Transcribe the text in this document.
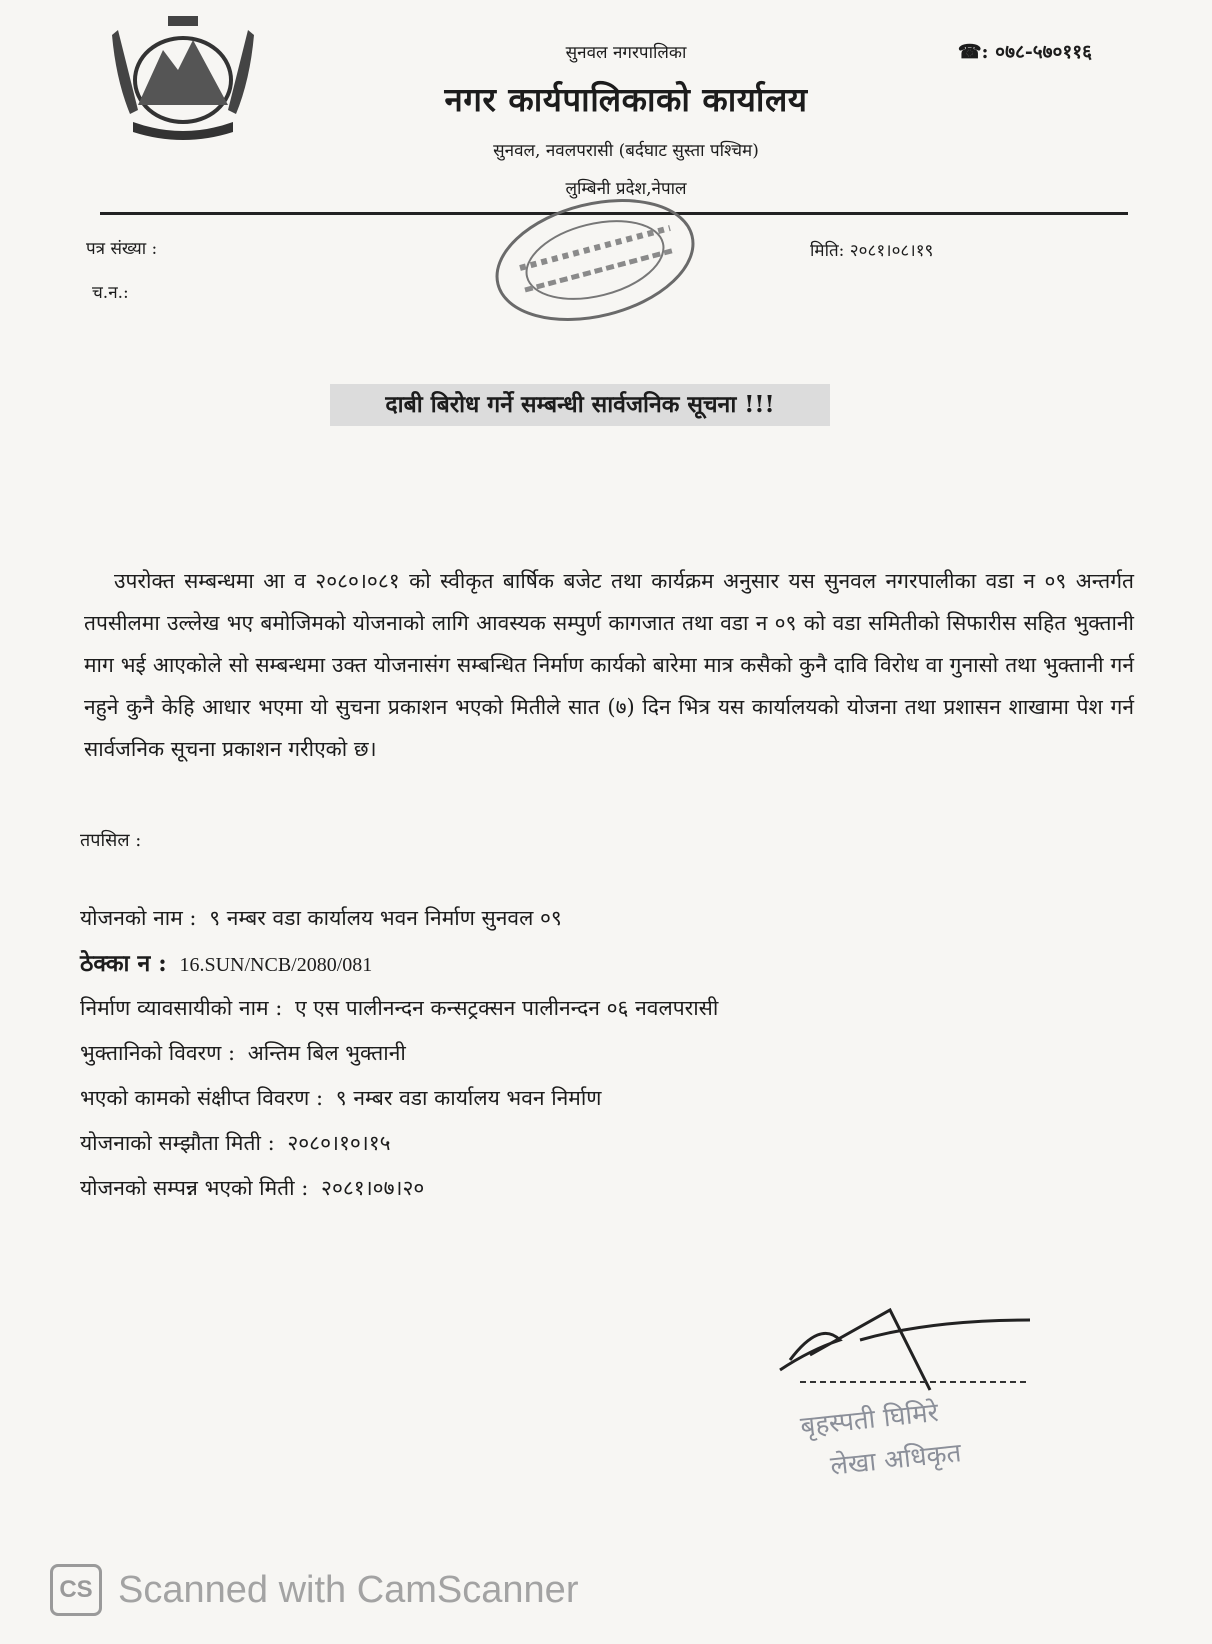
सुनवल नगरपालिका
नगर कार्यपालिकाको कार्यालय
सुनवल, नवलपरासी (बर्दघाट सुस्ता पश्चिम)
लुम्बिनी प्रदेश,नेपाल
☎: ०७८-५७०११६
पत्र संख्या :
च.न.:
मिति: २०८१।०८।१९
दाबी बिरोध गर्ने सम्बन्धी सार्वजनिक सूचना !!!
उपरोक्त सम्बन्धमा आ व २०८०।०८१ को स्वीकृत बार्षिक बजेट तथा कार्यक्रम अनुसार यस सुनवल नगरपालीका वडा न ०९ अन्तर्गत तपसीलमा उल्लेख भए बमोजिमको योजनाको लागि आवस्यक सम्पुर्ण कागजात तथा वडा न ०९ को वडा समितीको सिफारीस सहित भुक्तानी माग भई आएकोले सो सम्बन्धमा उक्त योजनासंग सम्बन्धित निर्माण कार्यको बारेमा मात्र कसैको कुनै दावि विरोध वा गुनासो तथा भुक्तानी गर्न नहुने कुनै केहि आधार भएमा यो सुचना प्रकाशन भएको मितीले सात (७) दिन भित्र यस कार्यालयको योजना तथा प्रशासन शाखामा पेश गर्न सार्वजनिक सूचना प्रकाशन गरीएको छ।
तपसिल :
योजनको नाम : ९ नम्बर वडा कार्यालय भवन निर्माण सुनवल ०९
ठेक्का न : 16.SUN/NCB/2080/081
निर्माण व्यावसायीको नाम : ए एस पालीनन्दन कन्सट्रक्सन पालीनन्दन ०६ नवलपरासी
भुक्तानिको विवरण : अन्तिम बिल भुक्तानी
भएको कामको संक्षीप्त विवरण : ९ नम्बर वडा कार्यालय भवन निर्माण
योजनाको सम्झौता मिती : २०८०।१०।१५
योजनको सम्पन्न भएको मिती : २०८१।०७।२०
बृहस्पती घिमिरे
लेखा अधिकृत
CS Scanned with CamScanner
